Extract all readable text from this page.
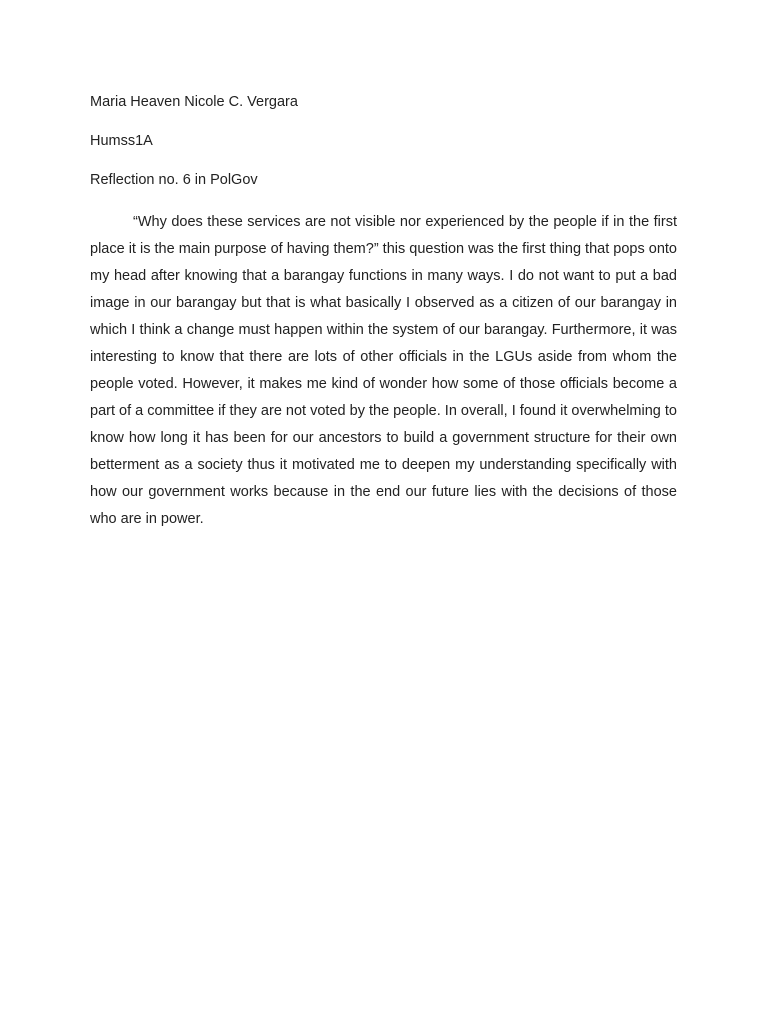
Maria Heaven Nicole C. Vergara
Humss1A
Reflection no. 6 in PolGov

“Why does these services are not visible nor experienced by the people if in the first place it is the main purpose of having them?” this question was the first thing that pops onto my head after knowing that a barangay functions in many ways. I do not want to put a bad image in our barangay but that is what basically I observed as a citizen of our barangay in which I think a change must happen within the system of our barangay. Furthermore, it was interesting to know that there are lots of other officials in the LGUs aside from whom the people voted. However, it makes me kind of wonder how some of those officials become a part of a committee if they are not voted by the people. In overall, I found it overwhelming to know how long it has been for our ancestors to build a government structure for their own betterment as a society thus it motivated me to deepen my understanding specifically with how our government works because in the end our future lies with the decisions of those who are in power.
